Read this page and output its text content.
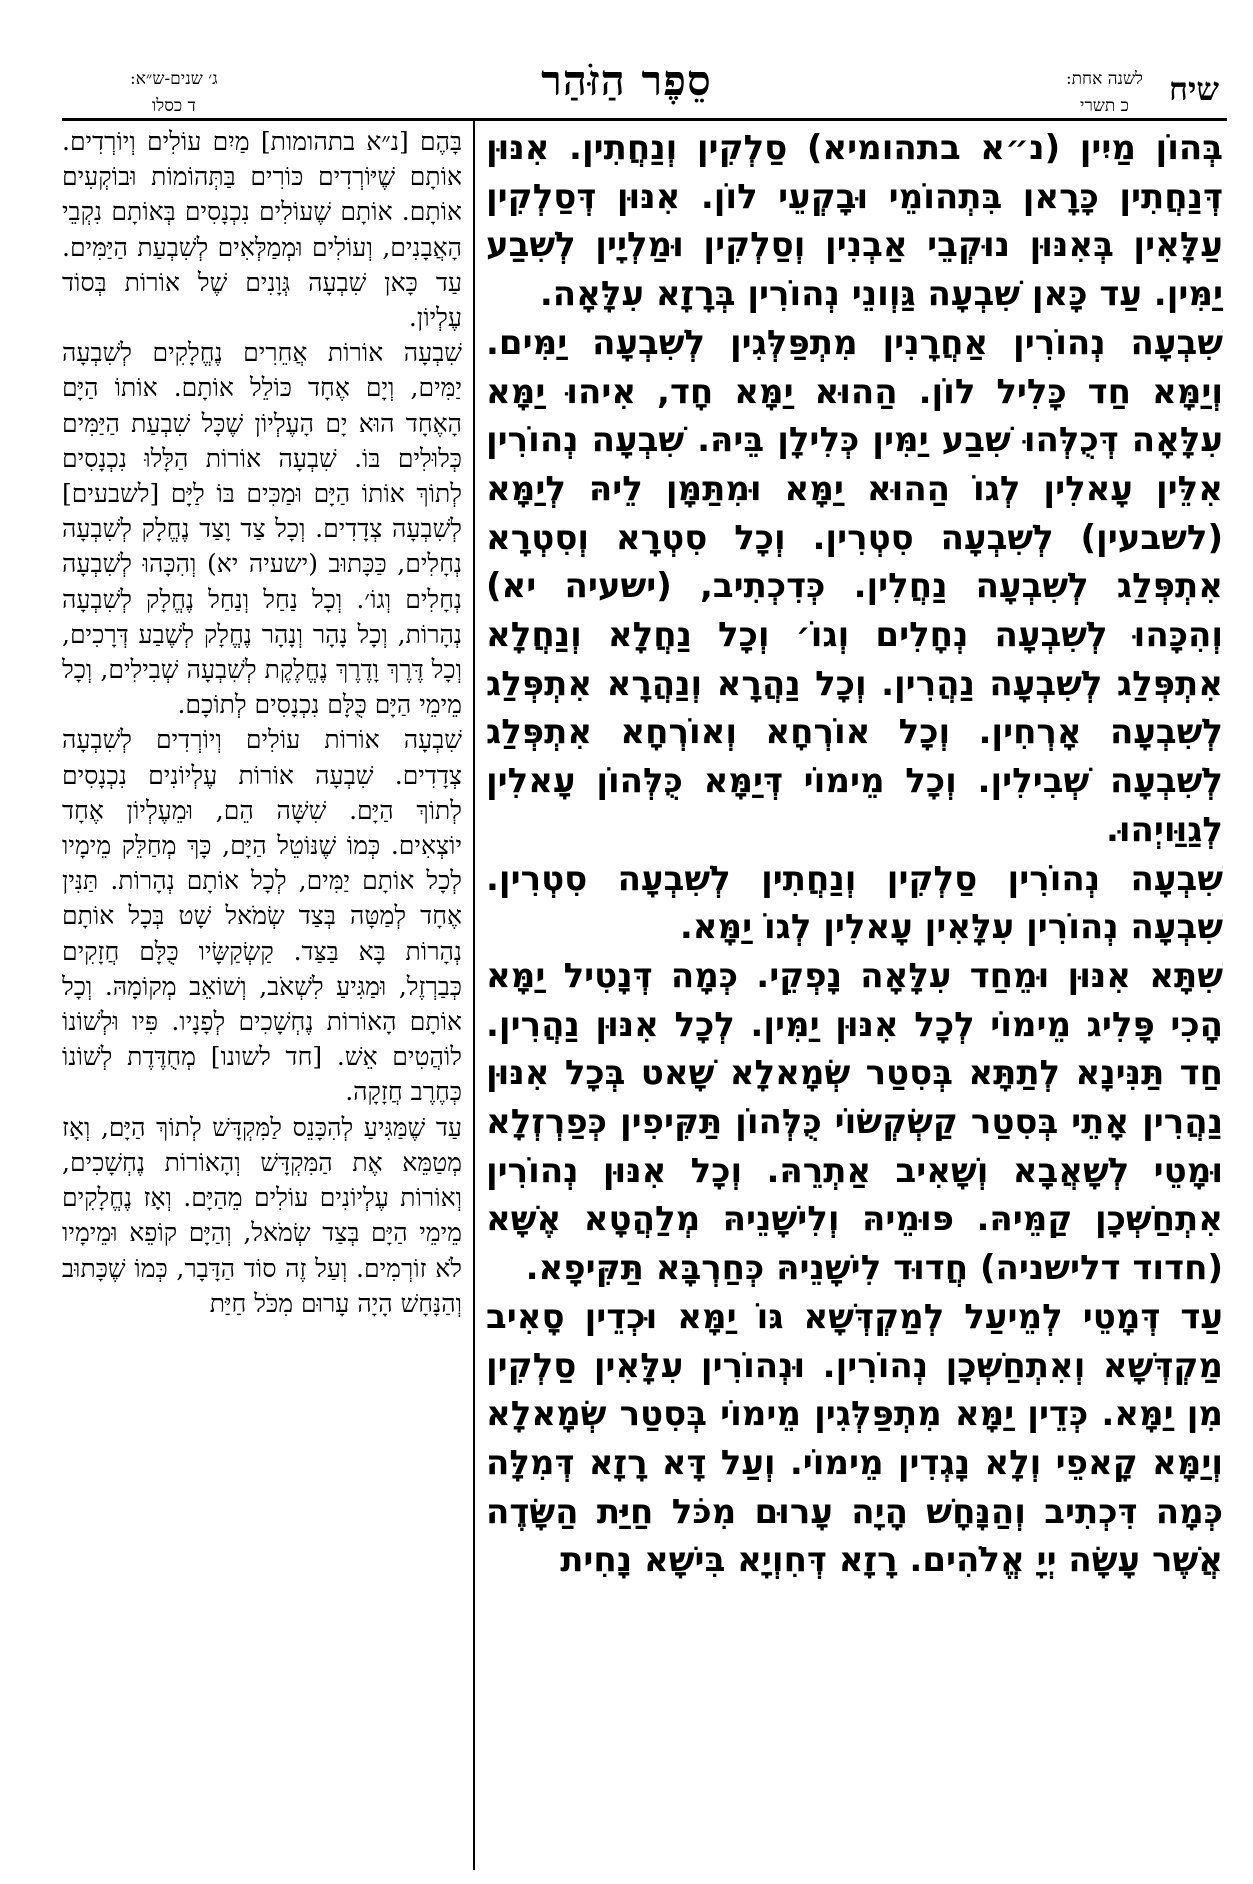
שיח
לשנה אחת:
כ תשרי
סֵפֶר הַזֹּהַר
ג׳ שנים-ש״א:
ד כסלו

בְּהוֹן מַיִין (נ״א בתהומיא) סַלְקִין וְנַחֲתִין. אִנּוּן דְּנַחֲתִין כָּרָאן בִּתְהוֹמֵי וּבָקְעֵי לוֹן. אִנּוּן דְּסַלְקִין עַלָּאִין בְּאִנּוּן נוּקְבֵי אַבְנִין וְסַלְקִין וּמַלְיָין לְשִׁבַע יַמִּין. עַד כָּאן שִׁבְעָה גַּוְונֵי נְהוֹרִין בְּרָזָא עִלָּאָה.

שִׁבְעָה נְהוֹרִין אַחֲרָנִין מִתְפַּלְּגִין לְשִׁבְעָה יַמִּים. וְיַמָּא חַד כָּלִיל לוֹן. הַהוּא יַמָּא חָד, אִיהוּ יַמָּא עִלָּאָה דְּכֻלְּהוּ שִׁבַע יַמִּין כְּלִילָן בֵּיהּ. שִׁבְעָה נְהוֹרִין אִלֵּין עָאלִין לְגוֹ הַהוּא יַמָּא וּמִתַּמָּן לֵיהּ לְיַמָּא (לשבעין) לְשִׁבְעָה סִטְרִין. וְכָל סִטְרָא וְסִטְרָא אִתְפְּלַג לְשִׁבְעָה נַחֲלִין. כְּדִכְתִיב, (ישעיה יא) וְהִכָּהוּ לְשִׁבְעָה נְחָלִים וְגוֹ׳ וְכָל נַחֲלָא וְנַחֲלָא אִתְפְּלַג לְשִׁבְעָה נַהֲרִין. וְכָל נַהֲרָא וְנַהֲרָא אִתְפְּלַג לְשִׁבְעָה אָרְחִין. וְכָל אוֹרְחָא וְאוֹרְחָא אִתְפְּלַג לְשִׁבְעָה שְׁבִילִין. וְכָל מֵימוֹי דְּיַמָּא כֻּלְּהוֹן עָאלִין לְגַוַּויְהוּ.

שִׁבְעָה נְהוֹרִין סַלְקִין וְנַחֲתִין לְשִׁבְעָה סִטְרִין. שִׁבְעָה נְהוֹרִין עִלָּאִין עָאלִין לְגוֹ יַמָּא.

שִׁתָּא אִנּוּן וּמֵחַד עִלָּאָה נָפְקֵי. כְּמָה דְּנָטִיל יַמָּא הָכִי פָּלִיג מֵימוֹי לְכָל אִנּוּן יַמִּין. לְכָל אִנּוּן נַהֲרִין. חַד תַּנִּינָא לְתַתָּא בְּסִטַר שְׂמָאלָא שָׁאט בְּכָל אִנּוּן נַהֲרִין אָתֵי בְּסִטַר קַשְׂקְשׂוֹי כֻּלְּהוֹן תַּקִּיפִין כְּפַרְזְלָא וּמָטֵי לְשָׁאֲבָא וְשָׁאִיב אַתְרֵהּ. וְכָל אִנּוּן נְהוֹרִין אִתְחַשְּׁכָן קַמֵּיהּ. פּוּמֵיהּ וְלִישָׁנֵיהּ מְלַהֲטָא אֶשָּׁא (חדוד דלישניה) חֲדוּד לִישָׁנֵיהּ כְּחַרְבָּא תַּקִּיפָא.

עַד דְּמָטֵי לְמֵיעַל לְמַקְדְּשָׁא גּוֹ יַמָּא וּכְדֵין סָאִיב מַקְדְּשָׁא וְאִתְחַשְּׁכָן נְהוֹרִין. וּנְהוֹרִין עִלָּאִין סַלְקִין מִן יַמָּא. כְּדֵין יַמָּא מִתְפַּלְּגִין מֵימוֹי בְּסִטַר שְׂמָאלָא וְיַמָּא קָאפֵי וְלָא נָגְדִין מֵימוֹי. וְעַל דָּא רָזָא דְּמִלָּה כְּמָה דִּכְתִיב וְהַנָּחָשׁ הָיָה עָרוּם מִכֹּל חַיַּת הַשָּׂדֶה אֲשֶׁר עָשָׂה יְיָ אֱלֹהִים. רָזָא דְּחִוְיָא בִּישָׁא נָחִית

בָּהֶם [נ״א בתהומות] מַיִם עוֹלִים וְיוֹרְדִים. אוֹתָם שֶׁיּוֹרְדִים כּוֹרִים בַּתְּהוֹמוֹת וּבוֹקְעִים אוֹתָם. אוֹתָם שֶׁעוֹלִים נִכְנָסִים בְּאוֹתָם נִקְבֵי הָאֲבָנִים, וְעוֹלִים וּמְמַלְּאִים לְשִׁבְעַת הַיַּמִּים. עַד כָּאן שִׁבְעָה גְּוָנִים שֶׁל אוֹרוֹת בְּסוֹד עֶלְיוֹן.

שִׁבְעָה אוֹרוֹת אֲחֵרִים נֶחֱלָקִים לְשִׁבְעָה יַמִּים, וְיָם אֶחָד כּוֹלֵל אוֹתָם. אוֹתוֹ הַיָּם הָאֶחָד הוּא יָם הָעֶלְיוֹן שֶׁכָּל שִׁבְעַת הַיַּמִּים כְּלוּלִים בּוֹ. שִׁבְעָה אוֹרוֹת הַלָּלוּ נִכְנָסִים לְתוֹךְ אוֹתוֹ הַיָּם וּמַכִּים בּוֹ לַיָּם [לשבעים] לְשִׁבְעָה צְדָדִים. וְכָל צַד וָצַד נֶחֱלָק לְשִׁבְעָה נְחָלִים, כַּכָּתוּב (ישעיה יא) וְהִכָּהוּ לְשִׁבְעָה נְחָלִים וְגוֹ׳. וְכָל נַחַל וְנַחַל נֶחֱלָק לְשִׁבְעָה נְהָרוֹת, וְכָל נָהָר וְנָהָר נֶחֱלָק לְשֶׁבַע דְּרָכִים, וְכָל דֶּרֶךְ וָדֶרֶךְ נֶחֱלֶקֶת לְשִׁבְעָה שְׁבִילִים, וְכָל מֵימֵי הַיָּם כֻּלָּם נִכְנָסִים לְתוֹכָם.

שִׁבְעָה אוֹרוֹת עוֹלִים וְיוֹרְדִים לְשִׁבְעָה צְדָדִים. שִׁבְעָה אוֹרוֹת עֶלְיוֹנִים נִכְנָסִים לְתוֹךְ הַיָּם. שִׁשָּׁה הֵם, וּמֵעֶלְיוֹן אֶחָד יוֹצְאִים. כְּמוֹ שֶׁנּוֹטֵל הַיָּם, כָּךְ מְחַלֵּק מֵימָיו לְכָל אוֹתָם יַמִּים, לְכָל אוֹתָם נְהָרוֹת. תַּנִּין אֶחָד לְמַטָּה בְּצַד שְׂמֹאל שָׁט בְּכָל אוֹתָם נְהָרוֹת בָּא בַּצַּד. קַשְׂקַשָּׂיו כֻּלָּם חֲזָקִים כְּבַרְזֶל, וּמַגִּיעַ לִשְׁאֹב, וְשׁוֹאֵב מְקוֹמָהּ. וְכָל אוֹתָם הָאוֹרוֹת נֶחְשָׁכִים לְפָנָיו. פִּיו וּלְשׁוֹנוֹ לוֹהֲטִים אֵשׁ. [חד לשונו] מְחֻדֶּדֶת לְשׁוֹנוֹ כְּחֶרֶב חֲזָקָה.

עַד שֶׁמַּגִּיעַ לְהִכָּנֵס לַמִּקְדָּשׁ לְתוֹךְ הַיָּם, וְאָז מְטַמֵּא אֶת הַמִּקְדָּשׁ וְהָאוֹרוֹת נֶחְשָׁכִים, וְאוֹרוֹת עֶלְיוֹנִים עוֹלִים מֵהַיָּם. וְאָז נֶחֱלָקִים מֵימֵי הַיָּם בְּצַד שְׂמֹאל, וְהַיָּם קוֹפֵא וּמֵימָיו לֹא זוֹרְמִים. וְעַל זֶה סוֹד הַדָּבָר, כְּמוֹ שֶׁכָּתוּב וְהַנָּחָשׁ הָיָה עָרוּם מִכֹּל חַיַּת
